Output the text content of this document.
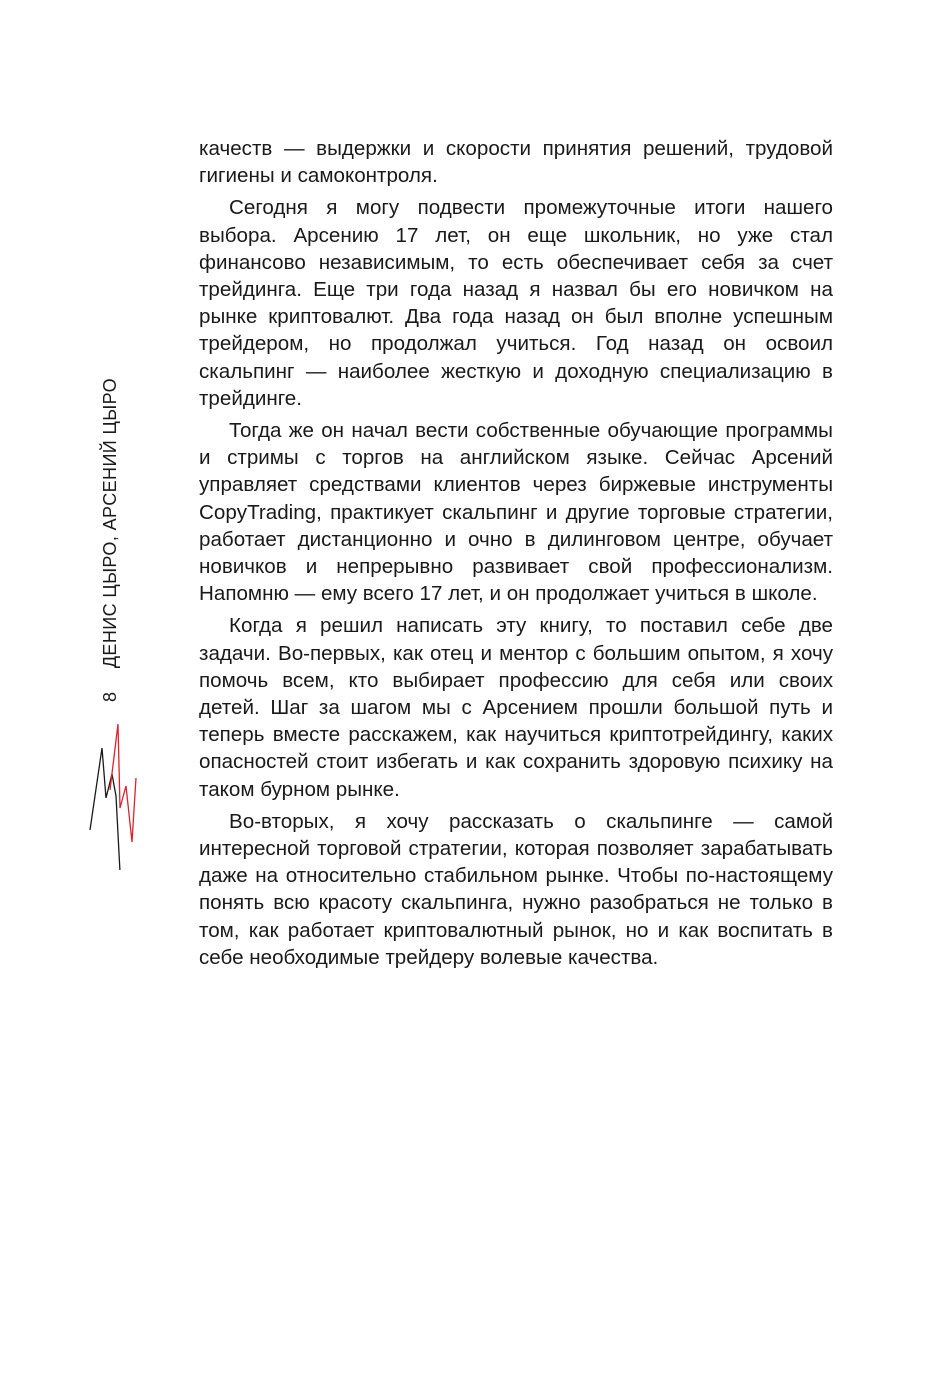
ДЕНИС ЦЫРО, АРСЕНИЙ ЦЫРО
8

качеств — выдержки и скорости принятия решений, трудовой гигиены и самоконтроля.

Сегодня я могу подвести промежуточные итоги нашего выбора. Арсению 17 лет, он еще школьник, но уже стал финансово независимым, то есть обеспечивает себя за счет трейдинга. Еще три года назад я назвал бы его новичком на рынке криптовалют. Два года назад он был вполне успешным трейдером, но продолжал учиться. Год назад он освоил скальпинг — наиболее жесткую и доходную специализацию в трейдинге.

Тогда же он начал вести собственные обучающие программы и стримы с торгов на английском языке. Сейчас Арсений управляет средствами клиентов через биржевые инструменты CopyTrading, практикует скальпинг и другие торговые стратегии, работает дистанционно и очно в дилинговом центре, обучает новичков и непрерывно развивает свой профессионализм. Напомню — ему всего 17 лет, и он продолжает учиться в школе.

Когда я решил написать эту книгу, то поставил себе две задачи. Во-первых, как отец и ментор с большим опытом, я хочу помочь всем, кто выбирает профессию для себя или своих детей. Шаг за шагом мы с Арсением прошли большой путь и теперь вместе расскажем, как научиться криптотрейдингу, каких опасностей стоит избегать и как сохранить здоровую психику на таком бурном рынке.

Во-вторых, я хочу рассказать о скальпинге — самой интересной торговой стратегии, которая позволяет зарабатывать даже на относительно стабильном рынке. Чтобы по-настоящему понять всю красоту скальпинга, нужно разобраться не только в том, как работает криптовалютный рынок, но и как воспитать в себе необходимые трейдеру волевые качества.
